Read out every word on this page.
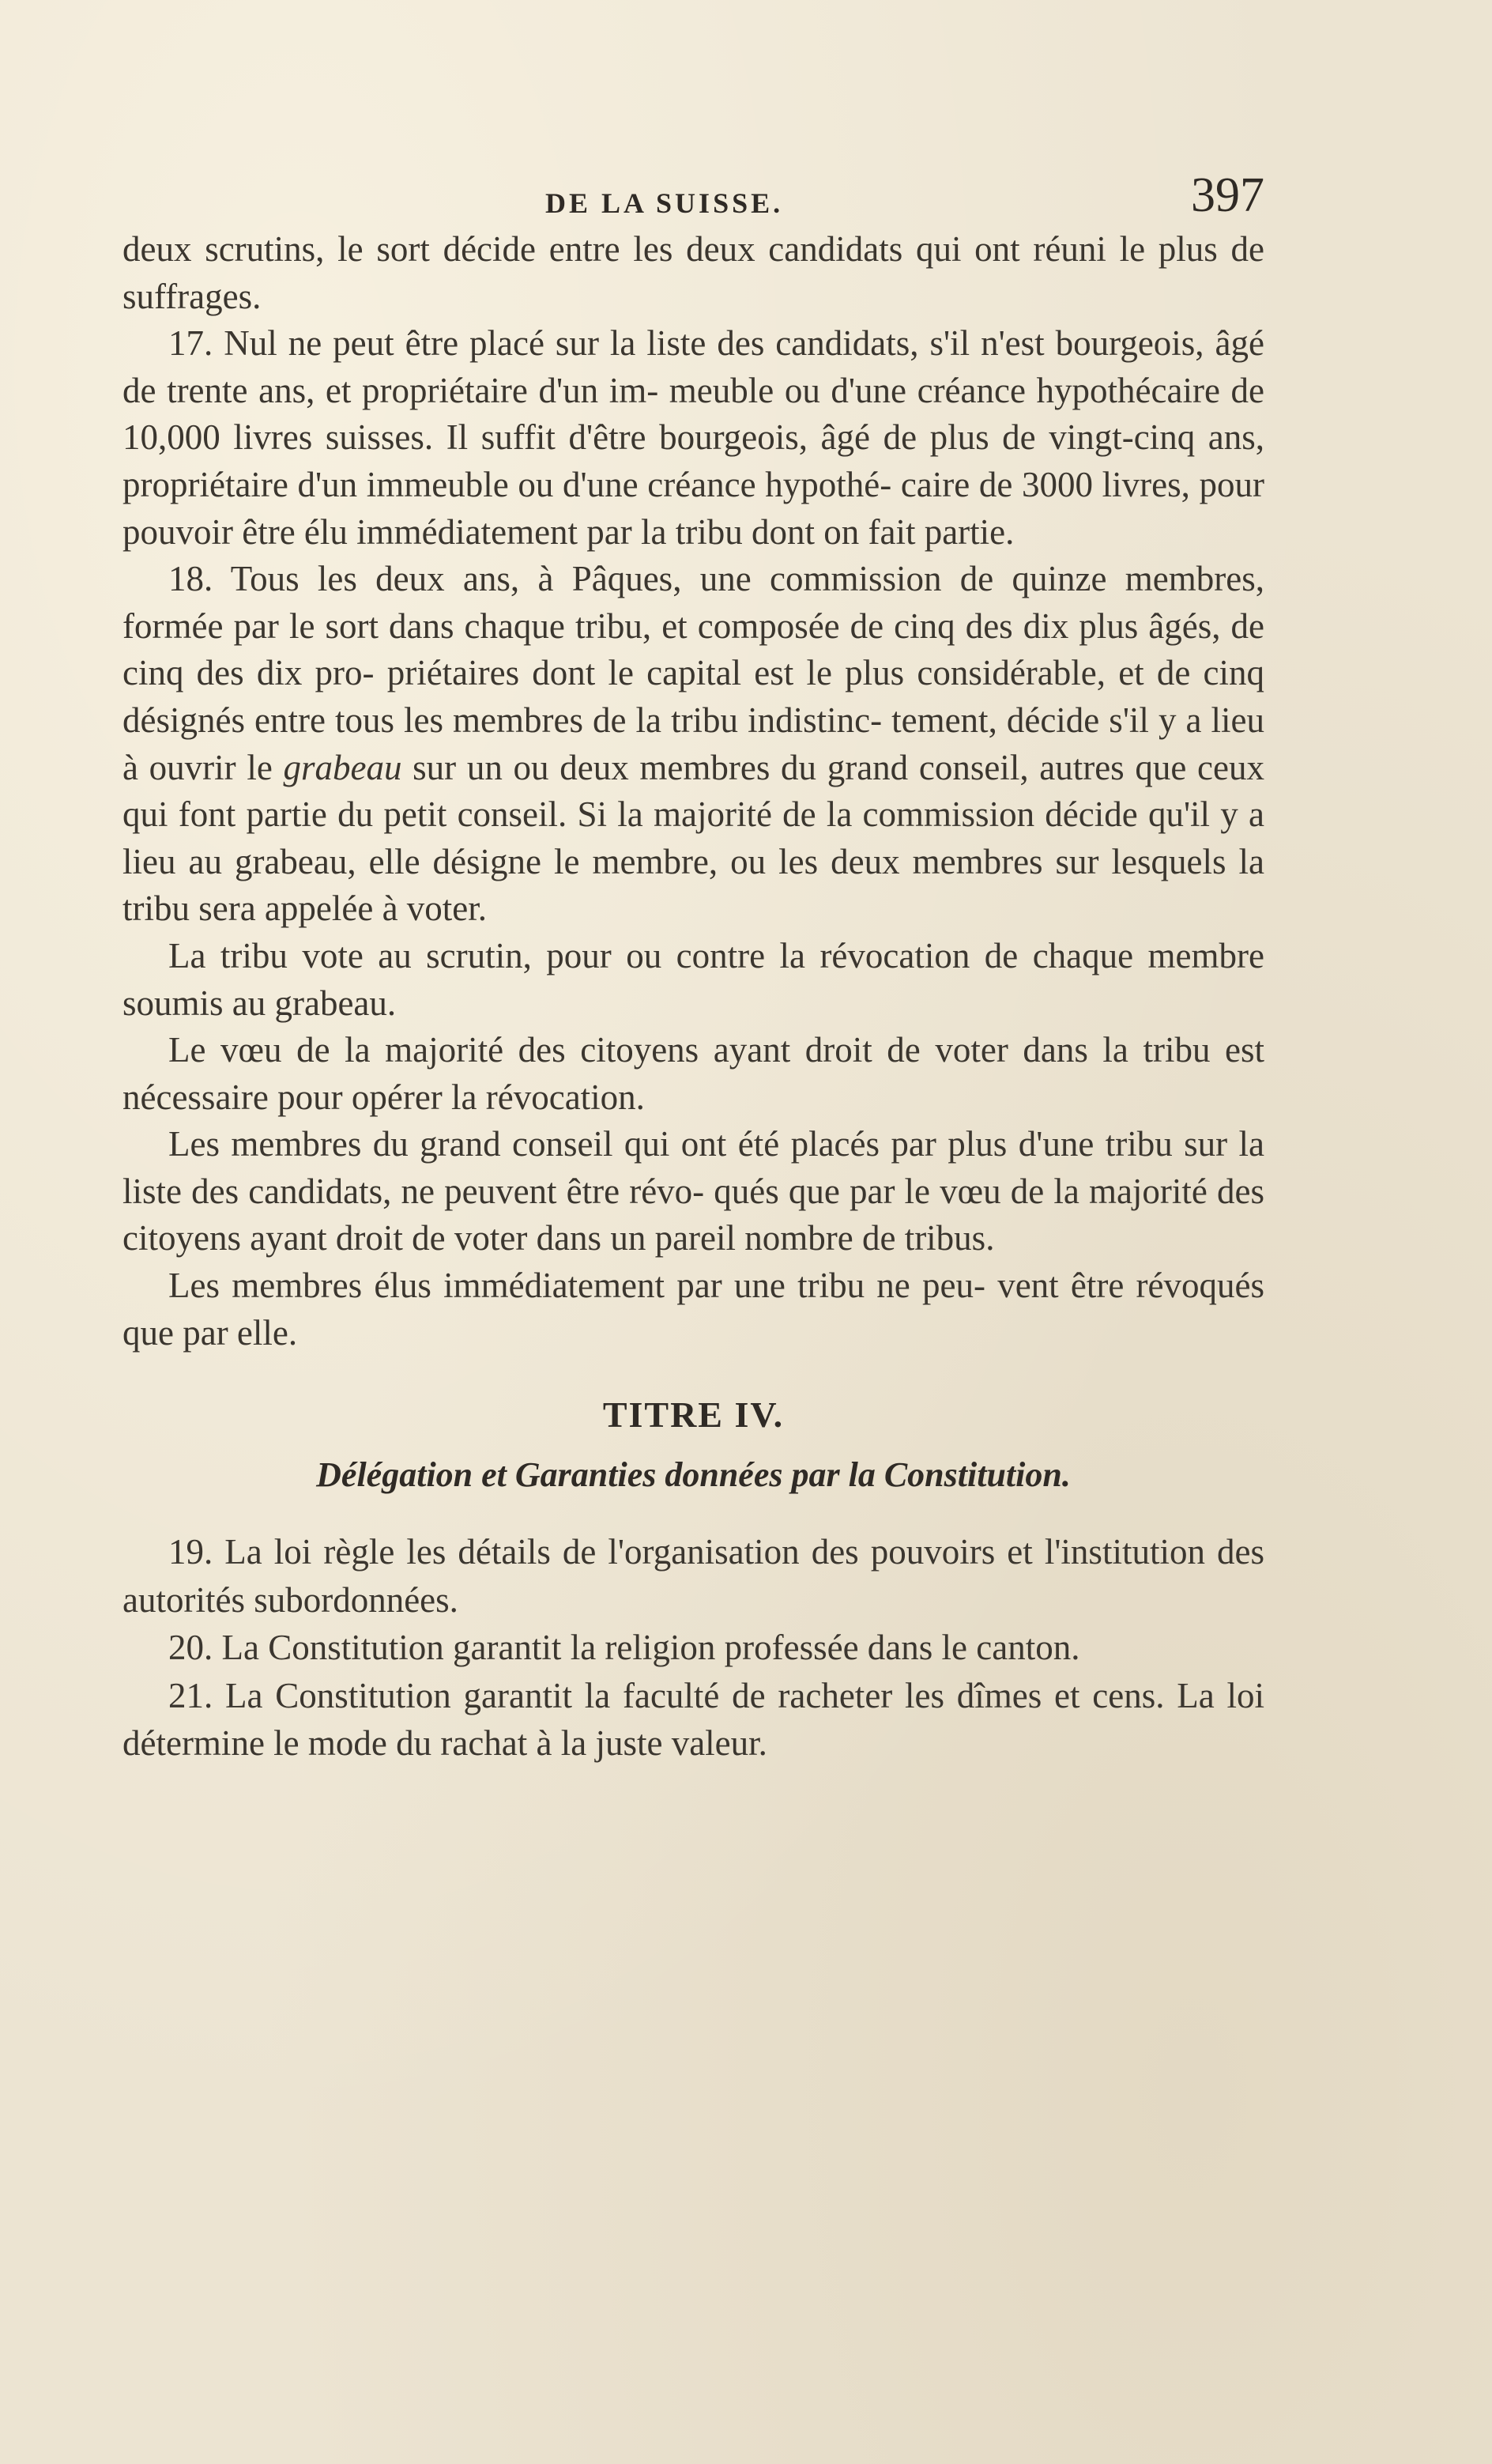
DE LA SUISSE.	397

deux scrutins, le sort décide entre les deux candidats qui ont réuni le plus de suffrages.

17. Nul ne peut être placé sur la liste des candidats, s'il n'est bourgeois, âgé de trente ans, et propriétaire d'un im- meuble ou d'une créance hypothécaire de 10,000 livres suisses. Il suffit d'être bourgeois, âgé de plus de vingt-cinq ans, propriétaire d'un immeuble ou d'une créance hypothé- caire de 3000 livres, pour pouvoir être élu immédiatement par la tribu dont on fait partie.

18. Tous les deux ans, à Pâques, une commission de quinze membres, formée par le sort dans chaque tribu, et composée de cinq des dix plus âgés, de cinq des dix pro- priétaires dont le capital est le plus considérable, et de cinq désignés entre tous les membres de la tribu indistinc- tement, décide s'il y a lieu à ouvrir le grabeau sur un ou deux membres du grand conseil, autres que ceux qui font partie du petit conseil. Si la majorité de la commission décide qu'il y a lieu au grabeau, elle désigne le membre, ou les deux membres sur lesquels la tribu sera appelée à voter.

La tribu vote au scrutin, pour ou contre la révocation de chaque membre soumis au grabeau.

Le vœu de la majorité des citoyens ayant droit de voter dans la tribu est nécessaire pour opérer la révocation.

Les membres du grand conseil qui ont été placés par plus d'une tribu sur la liste des candidats, ne peuvent être révo- qués que par le vœu de la majorité des citoyens ayant droit de voter dans un pareil nombre de tribus.

Les membres élus immédiatement par une tribu ne peu- vent être révoqués que par elle.

TITRE IV.
Délégation et Garanties données par la Constitution.

19. La loi règle les détails de l'organisation des pouvoirs et l'institution des autorités subordonnées.

20. La Constitution garantit la religion professée dans le canton.

21. La Constitution garantit la faculté de racheter les dîmes et cens. La loi détermine le mode du rachat à la juste valeur.
